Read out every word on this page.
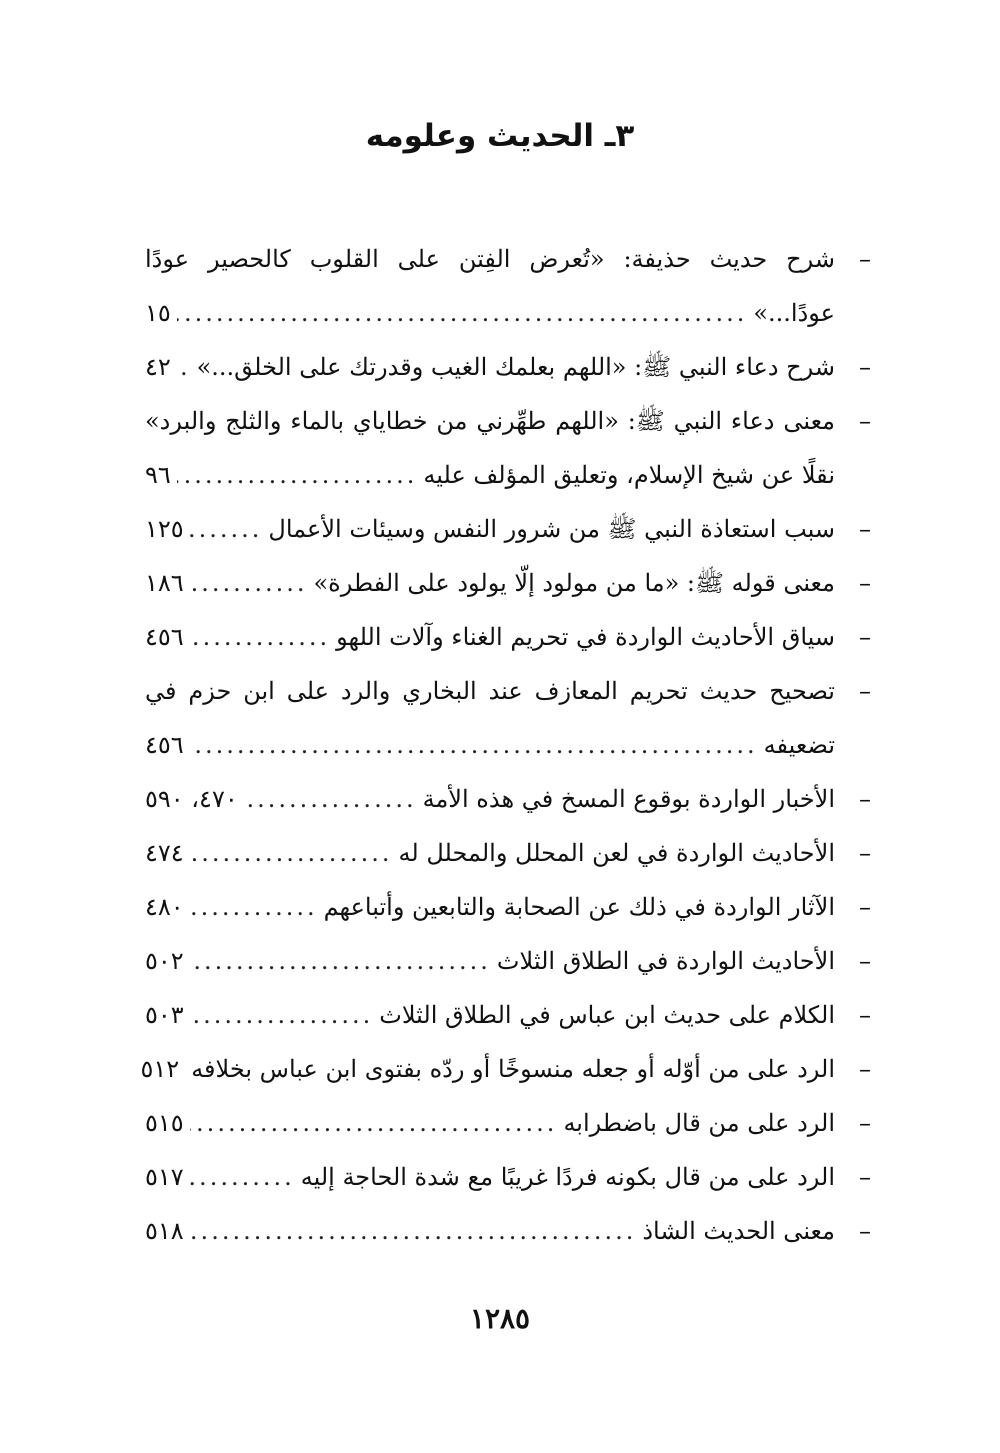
٣ـ الحديث وعلومه
–
شرح حديث حذيفة: «تُعرض الفِتن على القلوب كالحصير عودًا
عودًا...»
.....
١٥
–
شرح دعاء النبي ﷺ: «اللهم بعلمك الغيب وقدرتك على الخلق...»
.....
٤٢
–
معنى دعاء النبي ﷺ: «اللهم طهِّرني من خطاياي بالماء والثلج والبرد»
نقلًا عن شيخ الإسلام، وتعليق المؤلف عليه
.....
٩٦
–
سبب استعاذة النبي ﷺ من شرور النفس وسيئات الأعمال
.....
١٢٥
–
معنى قوله ﷺ: «ما من مولود إلّا يولود على الفطرة»
.....
١٨٦
–
سياق الأحاديث الواردة في تحريم الغناء وآلات اللهو
.....
٤٥٦
–
تصحيح حديث تحريم المعازف عند البخاري والرد على ابن حزم في
تضعيفه
.....
٤٥٦
–
الأخبار الواردة بوقوع المسخ في هذه الأمة
.....
٤٧٠، ٥٩٠
–
الأحاديث الواردة في لعن المحلل والمحلل له
.....
٤٧٤
–
الآثار الواردة في ذلك عن الصحابة والتابعين وأتباعهم
.....
٤٨٠
–
الأحاديث الواردة في الطلاق الثلاث
.....
٥٠٢
–
الكلام على حديث ابن عباس في الطلاق الثلاث
.....
٥٠٣
–
الرد على من أوّله أو جعله منسوخًا أو ردّه بفتوى ابن عباس بخلافه
٥١٢
–
الرد على من قال باضطرابه
.....
٥١٥
–
الرد على من قال بكونه فردًا غريبًا مع شدة الحاجة إليه
.....
٥١٧
–
معنى الحديث الشاذ
.....
٥١٨
١٢٨٥
